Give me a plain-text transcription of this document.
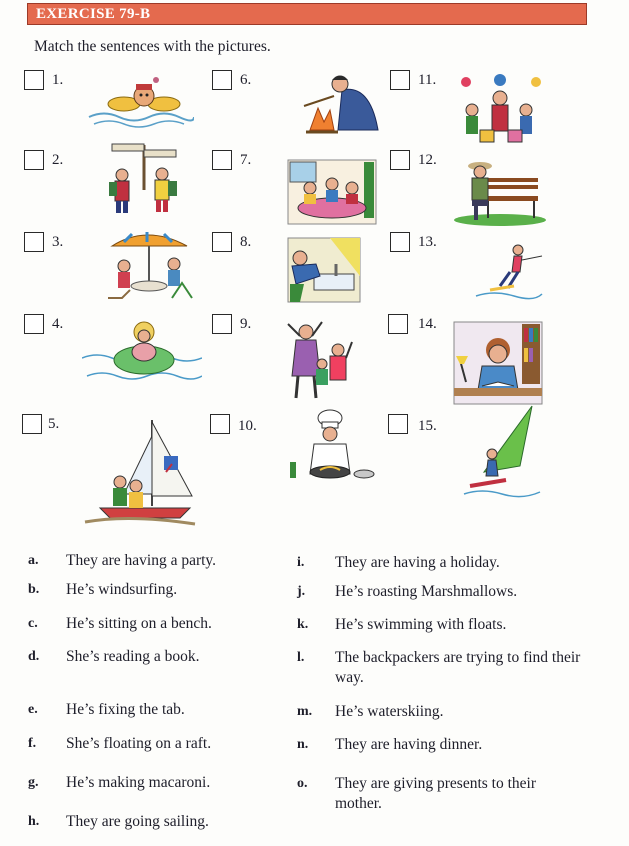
EXERCISE 79-B
Match the sentences with the pictures.
1.
2.
3.
4.
5.
6.
7.
8.
9.
10.
11.
12.
13.
14.
15.
a. They are having a party.
b. He’s windsurfing.
c. He’s sitting on a bench.
d. She’s reading a book.
e. He’s fixing the tab.
f. She’s floating on a raft.
g. He’s making macaroni.
h. They are going sailing.
i. They are having a holiday.
j. He’s roasting Marshmallows.
k. He’s swimming with floats.
l. The backpackers are trying to find their way.
m. He’s waterskiing.
n. They are having dinner.
o. They are giving presents to their mother.
